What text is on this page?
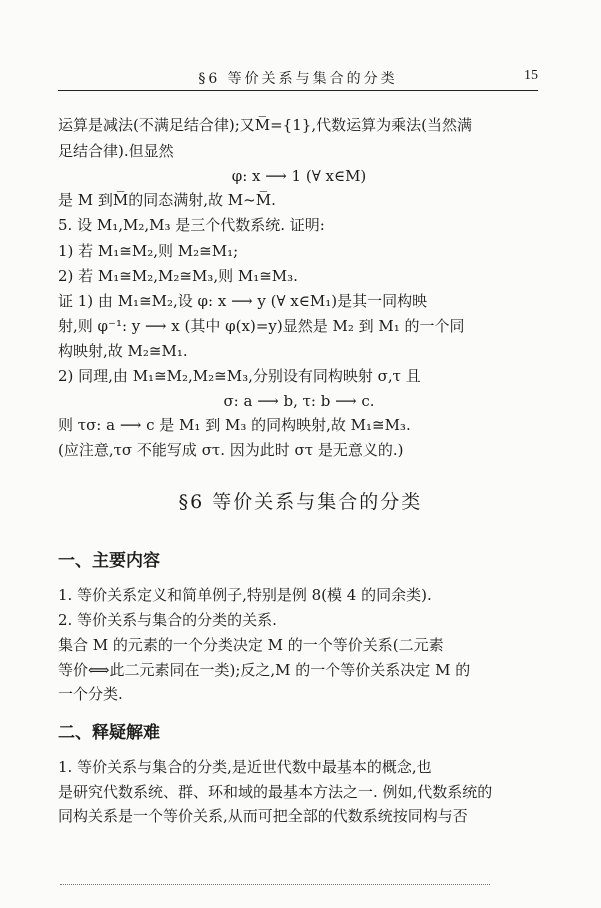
§6 等价关系与集合的分类	15
运算是减法(不满足结合律);又M̅={1},代数运算为乘法(当然满
足结合律).但显然
φ: x ⟶ 1 (∀ x∈M)
是 M 到M̅的同态满射,故 M~M̅.
5. 设 M₁,M₂,M₃ 是三个代数系统. 证明:
1) 若 M₁≅M₂,则 M₂≅M₁;
2) 若 M₁≅M₂,M₂≅M₃,则 M₁≅M₃.
证 1) 由 M₁≅M₂,设 φ: x ⟶ y (∀ x∈M₁)是其一同构映
射,则 φ⁻¹: y ⟶ x (其中 φ(x)=y)显然是 M₂ 到 M₁ 的一个同
构映射,故 M₂≅M₁.
2) 同理,由 M₁≅M₂,M₂≅M₃,分别设有同构映射 σ,τ 且
σ: a ⟶ b, τ: b ⟶ c.
则 τσ: a ⟶ c 是 M₁ 到 M₃ 的同构映射,故 M₁≅M₃.
(应注意,τσ 不能写成 στ. 因为此时 στ 是无意义的.)
1. 等价关系定义和简单例子,特别是例 8(模 4 的同余类).
2. 等价关系与集合的分类的关系.
集合 M 的元素的一个分类决定 M 的一个等价关系(二元素
等价⟺此二元素同在一类);反之,M 的一个等价关系决定 M 的
一个分类.
1. 等价关系与集合的分类,是近世代数中最基本的概念,也
是研究代数系统、群、环和域的最基本方法之一. 例如,代数系统的
同构关系是一个等价关系,从而可把全部的代数系统按同构与否
§6 等价关系与集合的分类
一、主要内容
二、释疑解难
